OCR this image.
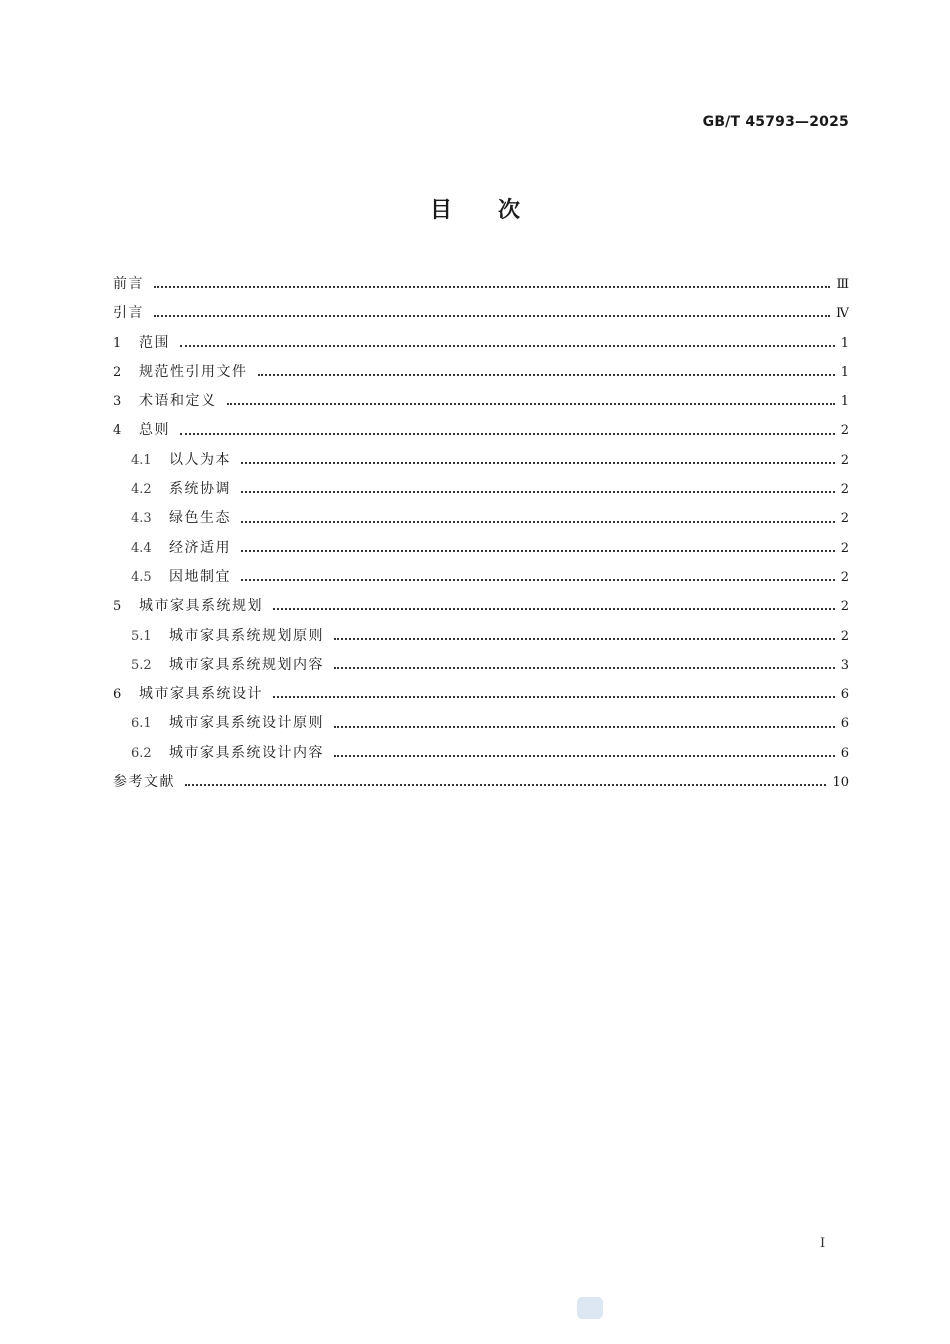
GB/T 45793—2025
目次
前言	Ⅲ
引言	Ⅳ
1	范围	1
2	规范性引用文件	1
3	术语和定义	1
4	总则	2
4.1	以人为本	2
4.2	系统协调	2
4.3	绿色生态	2
4.4	经济适用	2
4.5	因地制宜	2
5	城市家具系统规划	2
5.1	城市家具系统规划原则	2
5.2	城市家具系统规划内容	3
6	城市家具系统设计	6
6.1	城市家具系统设计原则	6
6.2	城市家具系统设计内容	6
参考文献	10
I
